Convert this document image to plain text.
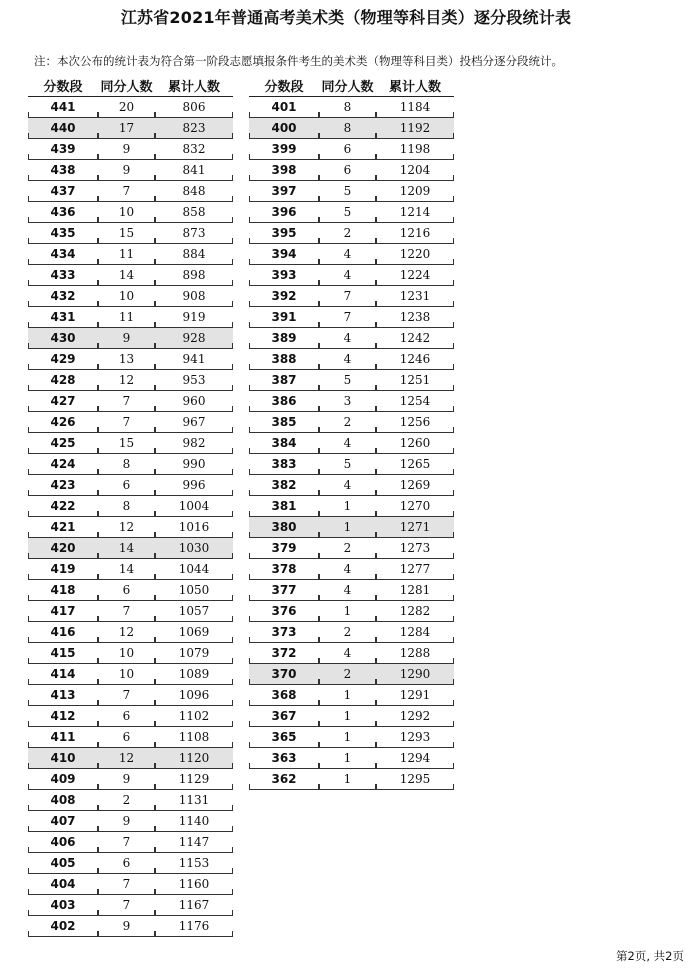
江苏省2021年普通高考美术类（物理等科目类）逐分段统计表
注：本次公布的统计表为符合第一阶段志愿填报条件考生的美术类（物理等科目类）投档分逐分段统计。
分数段	同分人数	累计人数
441	20	806
440	17	823
439	9	832
438	9	841
437	7	848
436	10	858
435	15	873
434	11	884
433	14	898
432	10	908
431	11	919
430	9	928
429	13	941
428	12	953
427	7	960
426	7	967
425	15	982
424	8	990
423	6	996
422	8	1004
421	12	1016
420	14	1030
419	14	1044
418	6	1050
417	7	1057
416	12	1069
415	10	1079
414	10	1089
413	7	1096
412	6	1102
411	6	1108
410	12	1120
409	9	1129
408	2	1131
407	9	1140
406	7	1147
405	6	1153
404	7	1160
403	7	1167
402	9	1176
分数段	同分人数	累计人数
401	8	1184
400	8	1192
399	6	1198
398	6	1204
397	5	1209
396	5	1214
395	2	1216
394	4	1220
393	4	1224
392	7	1231
391	7	1238
389	4	1242
388	4	1246
387	5	1251
386	3	1254
385	2	1256
384	4	1260
383	5	1265
382	4	1269
381	1	1270
380	1	1271
379	2	1273
378	4	1277
377	4	1281
376	1	1282
373	2	1284
372	4	1288
370	2	1290
368	1	1291
367	1	1292
365	1	1293
363	1	1294
362	1	1295
第2页, 共2页
